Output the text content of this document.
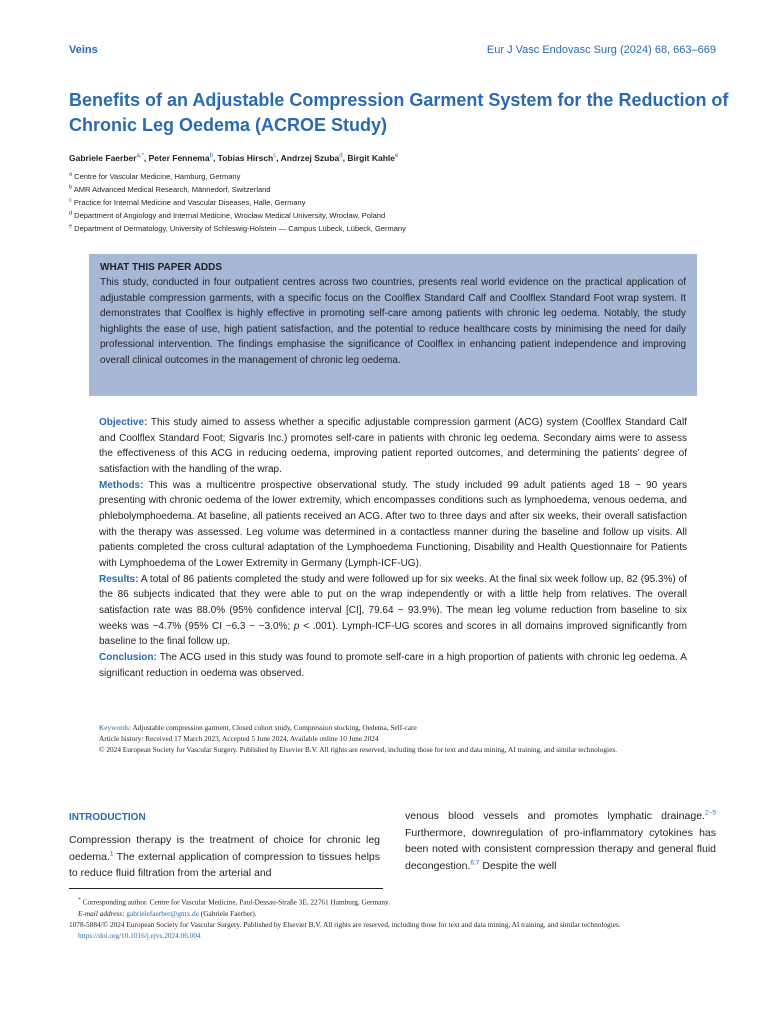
Veins	Eur J Vasc Endovasc Surg (2024) 68, 663–669
Benefits of an Adjustable Compression Garment System for the Reduction of Chronic Leg Oedema (ACROE Study)
Gabriele Faerber$^{a,*}$, Peter Fennema$^b$, Tobias Hirsch$^c$, Andrzej Szuba$^d$, Birgit Kahle$^e$
$^a$ Centre for Vascular Medicine, Hamburg, Germany
$^b$ AMR Advanced Medical Research, Männedorf, Switzerland
$^c$ Practice for Internal Medicine and Vascular Diseases, Halle, Germany
$^d$ Department of Angiology and Internal Medicine, Wrocław Medical University, Wrocław, Poland
$^e$ Department of Dermatology, University of Schleswig-Holstein — Campus Lübeck, Lübeck, Germany
WHAT THIS PAPER ADDS
This study, conducted in four outpatient centres across two countries, presents real world evidence on the practical application of adjustable compression garments, with a specific focus on the Coolflex Standard Calf and Coolflex Standard Foot wrap system. It demonstrates that Coolflex is highly effective in promoting self-care among patients with chronic leg oedema. Notably, the study highlights the ease of use, high patient satisfaction, and the potential to reduce healthcare costs by minimising the need for daily professional intervention. The findings emphasise the significance of Coolflex in enhancing patient independence and improving overall clinical outcomes in the management of chronic leg oedema.

Objective: This study aimed to assess whether a specific adjustable compression garment (ACG) system (Coolflex Standard Calf and Coolflex Standard Foot; Sigvaris Inc.) promotes self-care in patients with chronic leg oedema. Secondary aims were to assess the effectiveness of this ACG in reducing oedema, improving patient reported outcomes, and determining the patients’ degree of satisfaction with the handling of the wrap.

Methods: This was a multicentre prospective observational study. The study included 99 adult patients aged 18 − 90 years presenting with chronic oedema of the lower extremity, which encompasses conditions such as lymphoedema, venous oedema, and phlebolymphoedema. At baseline, all patients received an ACG. After two to three days and after six weeks, their overall satisfaction with the therapy was assessed. Leg volume was determined in a contactless manner during the baseline and follow up visits. All patients completed the cross cultural adaptation of the Lymphoedema Functioning, Disability and Health Questionnaire for Patients with Lymphoedema of the Lower Extremity in Germany (Lymph-ICF-UG).

Results: A total of 86 patients completed the study and were followed up for six weeks. At the final six week follow up, 82 (95.3%) of the 86 subjects indicated that they were able to put on the wrap independently or with a little help from relatives. The overall satisfaction rate was 88.0% (95% confidence interval [CI], 79.64 − 93.9%). The mean leg volume reduction from baseline to six weeks was −4.7% (95% CI −6.3 − −3.0%; p < .001). Lymph-ICF-UG scores and scores in all domains improved significantly from baseline to the final follow up.

Conclusion: The ACG used in this study was found to promote self-care in a high proportion of patients with chronic leg oedema. A significant reduction in oedema was observed.

Keywords: Adjustable compression garment, Closed cohort study, Compression stocking, Oedema, Self-care
Article history: Received 17 March 2023, Accepted 5 June 2024, Available online 10 June 2024
© 2024 European Society for Vascular Surgery. Published by Elsevier B.V. All rights are reserved, including those for text and data mining, AI training, and similar technologies.
INTRODUCTION
Compression therapy is the treatment of choice for chronic leg oedema.$^1$ The external application of compression to tissues helps to reduce fluid filtration from the arterial and
venous blood vessels and promotes lymphatic drainage.$^{2-5}$ Furthermore, downregulation of pro-inflammatory cytokines has been noted with consistent compression therapy and general fluid decongestion.$^{6,7}$ Despite the well
* Corresponding author. Centre for Vascular Medicine, Paul-Dessau-Straße 3E, 22761 Hamburg, Germany.
E-mail address: gabrielefaerber@gmx.de (Gabriele Faerber).
1078-5884/© 2024 European Society for Vascular Surgery. Published by Elsevier B.V. All rights are reserved, including those for text and data mining, AI training, and similar technologies.
https://doi.org/10.1016/j.ejvs.2024.06.004
